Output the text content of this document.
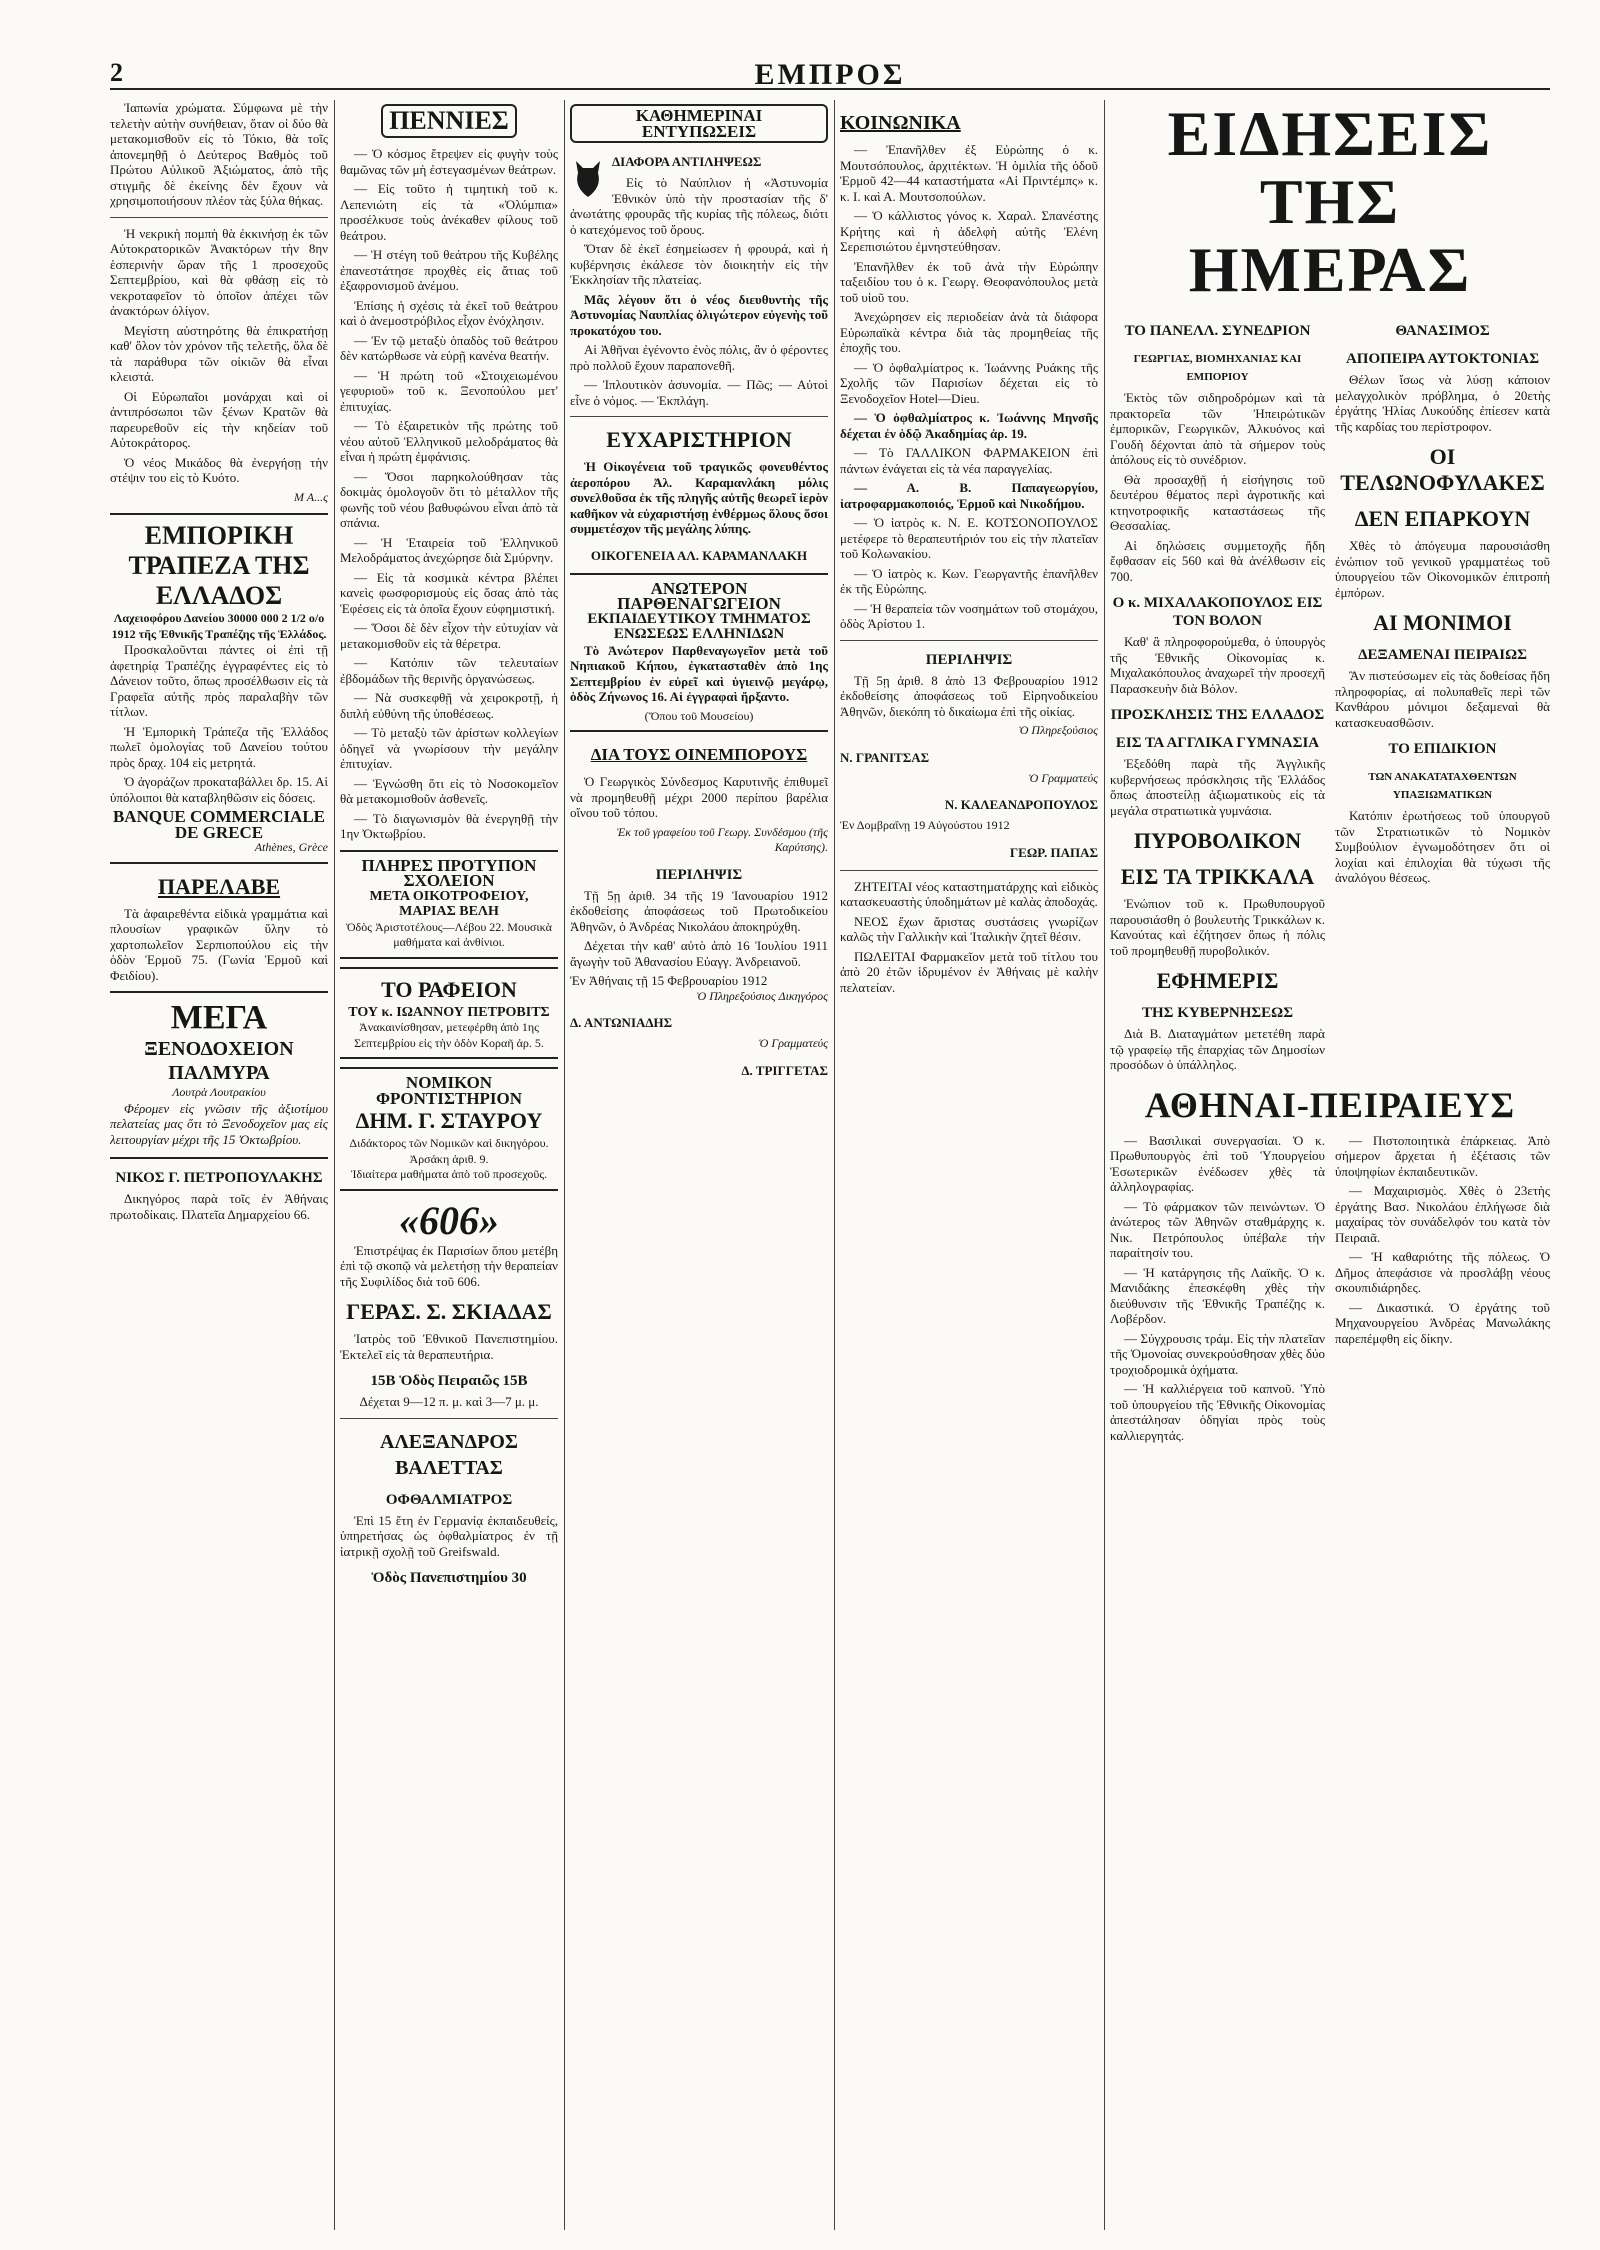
2	ΕΜΠΡΟΣ

Ἰαπωνία χρώματα. Σύμφωνα μὲ τὴν τελετὴν αὐτὴν συνήθειαν, ὅταν οἱ δύο θὰ μετακομισθοῦν εἰς τὸ Τόκιο, θὰ τοῖς ἀπονεμηθῇ ὁ Δεύτερος Βαθμὸς τοῦ Πρώτου Αὐλικοῦ Ἀξιώματος, ἀπὸ τῆς στιγμῆς δὲ ἐκείνης δὲν ἔχουν νὰ χρησιμοποιήσουν πλέον τὰς ξύλα θήκας.

Ἡ νεκρικὴ πομπὴ θὰ ἐκκινήσῃ ἐκ τῶν Αὐτοκρατορικῶν Ἀνακτόρων τὴν 8ην ἑσπερινὴν ὥραν τῆς 1 προσεχοῦς Σεπτεμβρίου, καὶ θὰ φθάσῃ εἰς τὸ νεκροταφεῖον τὸ ὁποῖον ἀπέχει τῶν ἀνακτόρων ὀλίγον.

Μεγίστη αὐστηρότης θὰ ἐπικρατήσῃ καθ' ὅλον τὸν χρόνον τῆς τελετῆς, ὅλα δὲ τὰ παράθυρα τῶν οἰκιῶν θὰ εἶναι κλειστά.

Οἱ Εὐρωπαῖοι μονάρχαι καὶ οἱ ἀντιπρόσωποι τῶν ξένων Κρατῶν θὰ παρευρεθοῦν εἰς τὴν κηδείαν τοῦ Αὐτοκράτορος.

Ὁ νέος Μικάδος θὰ ἐνεργήσῃ τὴν στέψιν του εἰς τὸ Κυότο.

Μ Α...ς
ΕΜΠΟΡΙΚΗ ΤΡΑΠΕΖΑ ΤΗΣ ΕΛΛΑΔΟΣ
Λαχειοφόρου Δανείου 30000 000 2 1/2 ο/ο 1912 τῆς Ἐθνικῆς Τραπέζης τῆς Ἑλλάδος.

Προσκαλοῦνται πάντες οἱ ἐπὶ τῇ ἀφετηρίᾳ Τραπέζης ἐγγραφέντες εἰς τὸ Δάνειον τοῦτο, ὅπως προσέλθωσιν εἰς τὰ Γραφεῖα αὐτῆς πρὸς παραλαβὴν τῶν τίτλων.

Ἡ Ἐμπορικὴ Τράπεζα τῆς Ἑλλάδος πωλεῖ ὁμολογίας τοῦ Δανείου τούτου πρὸς δραχ. 104 εἰς μετρητά.

Ὁ ἀγοράζων προκαταβάλλει δρ. 15. Αἱ ὑπόλοιποι θὰ καταβληθῶσιν εἰς δόσεις.

BANQUE COMMERCIALE
DE GRECE
Athènes, Grèce
ΠΑΡΕΛΑΒΕ

Τὰ ἀφαιρεθέντα εἰδικὰ γραμμάτια καὶ πλουσίων γραφικῶν ὕλην τὸ χαρτοπωλεῖον Σερπιοπούλου εἰς τὴν ὁδὸν Ἑρμοῦ 75. (Γωνία Ἑρμοῦ καὶ Φειδίου).

ΜΕΓΑ
ΞΕΝΟΔΟΧΕΙΟΝ ΠΑΛΜΥΡΑ
Λουτρὰ Λουτρακίου

Φέρομεν εἰς γνῶσιν τῆς ἀξιοτίμου πελατείας μας ὅτι τὸ Ξενοδοχεῖον μας εἰς λειτουργίαν μέχρι τῆς 15 Ὀκτωβρίου.

ΝΙΚΟΣ Γ. ΠΕΤΡΟΠΟΥΛΑΚΗΣ

Δικηγόρος παρὰ τοῖς ἐν Ἀθήναις πρωτοδίκαις. Πλατεῖα Δημαρχείου 66.

ΠΕΝΝΙΕΣ

— Ὁ κόσμος ἔτρεψεν εἰς φυγὴν τοὺς θαμῶνας τῶν μὴ ἐστεγασμένων θεάτρων.

— Εἰς τοῦτο ἡ τιμητικὴ τοῦ κ. Λεπενιώτη εἰς τὰ «Ὀλύμπια» προσέλκυσε τοὺς ἀνέκαθεν φίλους τοῦ θεάτρου.

— Ἡ στέγη τοῦ θεάτρου τῆς Κυβέλης ἐπανεστάτησε προχθὲς εἰς ἄτιας τοῦ ἐξαφρονισμοῦ ἀνέμου.

Ἐπίσης ἡ σχέσις τὰ ἐκεῖ τοῦ θεάτρου καὶ ὁ ἀνεμοστρόβιλος εἶχον ἐνόχλησιν.

— Ἐν τῷ μεταξὺ ὁπαδὸς τοῦ θεάτρου δὲν κατώρθωσε νὰ εὑρῇ κανένα θεατήν.

— Ἡ πρώτη τοῦ «Στοιχειωμένου γεφυριοῦ» τοῦ κ. Ξενοπούλου μετ' ἐπιτυχίας.

— Τὸ ἐξαιρετικὸν τῆς πρώτης τοῦ νέου αὐτοῦ Ἑλληνικοῦ μελοδράματος θὰ εἶναι ἡ πρώτη ἐμφάνισις.

— Ὅσοι παρηκολούθησαν τὰς δοκιμὰς ὁμολογοῦν ὅτι τὸ μέταλλον τῆς φωνῆς τοῦ νέου βαθυφώνου εἶναι ἀπὸ τὰ σπάνια.

— Ἡ Ἑταιρεία τοῦ Ἑλληνικοῦ Μελοδράματος ἀνεχώρησε διὰ Σμύρνην.

— Εἰς τὰ κοσμικὰ κέντρα βλέπει κανεὶς φωσφορισμοὺς εἰς ὅσας ἀπὸ τὰς Ἐφέσεις εἰς τὰ ὁποῖα ἔχουν εὐφημιστική.

— Ὅσοι δὲ δὲν εἶχον τὴν εὐτυχίαν νὰ μετακομισθοῦν εἰς τὰ θέρετρα.

— Κατόπιν τῶν τελευταίων ἐβδομάδων τῆς θερινῆς ὀργανώσεως.

— Νὰ συσκεφθῇ νὰ χειροκροτῇ, ἡ διπλή εὐθύνη τῆς ὑποθέσεως.

— Τὸ μεταξὺ τῶν ἀρίστων κολλεγίων ὁδηγεῖ νὰ γνωρίσουν τὴν μεγάλην ἐπιτυχίαν.

— Ἐγνώσθη ὅτι εἰς τὸ Νοσοκομεῖον θὰ μετακομισθοῦν ἀσθενεῖς.

— Τὸ διαγωνισμὸν θὰ ἐνεργηθῇ τὴν 1ην Ὀκτωβρίου.

ΠΛΗΡΕΣ ΠΡΟΤΥΠΟΝ ΣΧΟΛΕΙΟΝ
ΜΕΤΑ ΟΙΚΟΤΡΟΦΕΙΟΥ, ΜΑΡΙΑΣ ΒΕΛΗ
Ὁδὸς Ἀριστοτέλους—Λέβου 22. Μουσικὰ μαθήματα καὶ ἀνθίνιοι.
ΤΟ ΡΑΦΕΙΟΝ
ΤΟΥ κ. ΙΩΑΝΝΟΥ ΠΕΤΡΟΒΙΤΣ
Ἀνακαινίσθησαν, μετεφέρθη ἀπὸ 1ης Σεπτεμβρίου εἰς τὴν ὁδὸν Κοραῆ ἀρ. 5.
ΝΟΜΙΚΟΝ ΦΡΟΝΤΙΣΤΗΡΙΟΝ
ΔΗΜ. Γ. ΣΤΑΥΡΟΥ
Διδάκτορος τῶν Νομικῶν καὶ δικηγόρου. Ἀρσάκη ἀριθ. 9.
Ἰδιαίτερα μαθήματα ἀπὸ τοῦ προσεχοῦς.
«606»

Ἐπιστρέψας ἐκ Παρισίων ὅπου μετέβη ἐπὶ τῷ σκοπῷ νὰ μελετήσῃ τὴν θεραπείαν τῆς Συφιλίδος διὰ τοῦ 606.

ΓΕΡΑΣ. Σ. ΣΚΙΑΔΑΣ

Ἰατρὸς τοῦ Ἐθνικοῦ Πανεπιστημίου. Ἐκτελεῖ εἰς τὰ θεραπευτήρια.

15Β Ὁδὸς Πειραιῶς 15Β
Δέχεται 9—12 π. μ. καὶ 3—7 μ. μ.
ΑΛΕΞΑΝΔΡΟΣ ΒΑΛΕΤΤΑΣ
ΟΦΘΑΛΜΙΑΤΡΟΣ

Ἐπὶ 15 ἔτη ἐν Γερμανίᾳ ἐκπαιδευθείς, ὑπηρετήσας ὡς ὀφθαλμίατρος ἐν τῇ ἰατρικῇ σχολῇ τοῦ Greifswald.

Ὁδὸς Πανεπιστημίου 30
ΚΑΘΗΜΕΡΙΝΑΙ ΕΝΤΥΠΩΣΕΙΣ
ΔΙΑΦΟΡΑ ΑΝΤΙΛΗΨΕΩΣ

Εἰς τὸ Ναύπλιον ἡ «Ἀστυνομία Ἐθνικὸν ὑπὸ τὴν προστασίαν τῆς δ' ἀνωτάτης φρουρᾶς τῆς κυρίας τῆς πόλεως, διότι ὁ κατεχόμενος τοῦ ὄρους.

Ὅταν δὲ ἐκεῖ ἐσημείωσεν ἡ φρουρά, καὶ ἡ κυβέρνησις ἐκάλεσε τὸν διοικητὴν εἰς τὴν Ἐκκλησίαν τῆς πλατείας.

Μᾶς λέγουν ὅτι ὁ νέος διευθυντὴς τῆς Ἀστυνομίας Ναυπλίας ὀλιγώτερον εὐγενὴς τοῦ προκατόχου του.

Αἱ Ἀθῆναι ἐγένοντο ἐνὸς πόλις, ἂν ὁ φέροντες πρὸ πολλοῦ ἔχουν παραπονεθῆ.

— Ἰπλουτικὸν ἀσυνομία. — Πῶς; — Αὐτοὶ εἶνε ὁ νόμος. — Ἐκπλάγη.

ΕΥΧΑΡΙΣΤΗΡΙΟΝ

Ἡ Οἰκογένεια τοῦ τραγικῶς φονευθέντος ἀεροπόρου Ἀλ. Καραμανλάκη μόλις συνελθοῦσα ἐκ τῆς πληγῆς αὐτῆς θεωρεῖ ἱερὸν καθῆκον νὰ εὐχαριστήσῃ ἐνθέρμως ὅλους ὅσοι συμμετέσχον τῆς μεγάλης λύπης.

ΟΙΚΟΓΕΝΕΙΑ ΑΛ. ΚΑΡΑΜΑΝΛΑΚΗ
ΑΝΩΤΕΡΟΝ ΠΑΡΘΕΝΑΓΩΓΕΙΟΝ
ΕΚΠΑΙΔΕΥΤΙΚΟΥ ΤΜΗΜΑΤΟΣ
ΕΝΩΣΕΩΣ ΕΛΛΗΝΙΔΩΝ

Τὸ Ἀνώτερον Παρθεναγωγεῖον μετὰ τοῦ Νηπιακοῦ Κήπου, ἐγκατασταθὲν ἀπὸ 1ης Σεπτεμβρίου ἐν εὐρεῖ καὶ ὑγιεινῷ μεγάρῳ, ὁδὸς Ζήνωνος 16. Αἱ ἐγγραφαὶ ἤρξαντο.

(Ὅπου τοῦ Μουσείου)
ΔΙΑ ΤΟΥΣ ΟΙΝΕΜΠΟΡΟΥΣ

Ὁ Γεωργικὸς Σύνδεσμος Καρυτινῆς ἐπιθυμεῖ νὰ προμηθευθῇ μέχρι 2000 περίπου βαρέλια οἴνου τοῦ τόπου.

Ἐκ τοῦ γραφείου τοῦ Γεωργ. Συνδέσμου (τῆς Καρύτσης).
ΠΕΡΙΛΗΨΙΣ

Τῇ 5ῃ ἀριθ. 34 τῆς 19 Ἰανουαρίου 1912 ἐκδοθείσης ἀποφάσεως τοῦ Πρωτοδικείου Ἀθηνῶν, ὁ Ἀνδρέας Νικολάου ἀποκηρύχθη.

Δέχεται τὴν καθ' αὐτὸ ἀπὸ 16 Ἰουλίου 1911 ἄγωγὴν τοῦ Ἀθανασίου Εὐαγγ. Ἀνδρειανοῦ.

Ἐν Ἀθήναις τῇ 15 Φεβρουαρίου 1912
Ὁ Πληρεξούσιος Δικηγόρος
Δ. ΑΝΤΩΝΙΑΔΗΣ
Ὁ Γραμματεύς
Δ. ΤΡΙΓΓΕΤΑΣ
ΚΟΙΝΩΝΙΚΑ

— Ἐπανῆλθεν ἐξ Εὐρώπης ὁ κ. Μουτσόπουλος, ἀρχιτέκτων. Ἡ ὁμιλία τῆς ὁδοῦ Ἑρμοῦ 42—44 καταστήματα «Αἱ Πριντέμπς» κ. κ. Ι. καὶ Α. Μουτσοπούλων.

— Ὁ κάλλιστος γόνος κ. Χαραλ. Σπανέστης Κρήτης καὶ ἡ ἀδελφὴ αὐτῆς Ἐλένη Σερεπισιώτου ἐμνηστεύθησαν.

Ἐπανῆλθεν ἐκ τοῦ ἀνὰ τὴν Εὐρώπην ταξειδίου του ὁ κ. Γεωργ. Θεοφανόπουλος μετὰ τοῦ υἱοῦ του.

Ἀνεχώρησεν εἰς περιοδείαν ἀνὰ τὰ διάφορα Εὐρωπαϊκὰ κέντρα διὰ τὰς προμηθείας τῆς ἐποχῆς του.

— Ὁ ὀφθαλμίατρος κ. Ἰωάννης Ρυάκης τῆς Σχολῆς τῶν Παρισίων δέχεται εἰς τὸ Ξενοδοχεῖον Hotel—Dieu.

— Ὁ ὀφθαλμίατρος κ. Ἰωάννης Μηνσῆς δέχεται ἐν ὁδῷ Ἀκαδημίας ἀρ. 19.

— Τὸ ΓΑΛΛΙΚΟΝ ΦΑΡΜΑΚΕΙΟΝ ἐπὶ πάντων ἐνάγεται εἰς τὰ νέα παραγγελίας.

— Α. Β. Παπαγεωργίου, ἰατροφαρμακοποιός, Ἑρμοῦ καὶ Νικοδήμου.

— Ὁ ἰατρὸς κ. Ν. Ε. ΚΟΤΣΟΝΟΠΟΥΛΟΣ μετέφερε τὸ θεραπευτήριόν του εἰς τὴν πλατεῖαν τοῦ Κολωνακίου.

— Ὁ ἰατρὸς κ. Κων. Γεωργαντῆς ἐπανῆλθεν ἐκ τῆς Εὐρώπης.

— Ἡ θεραπεία τῶν νοσημάτων τοῦ στομάχου, ὁδὸς Ἀρίστου 1.

ΠΕΡΙΛΗΨΙΣ

Τῇ 5ῃ ἀριθ. 8 ἀπὸ 13 Φεβρουαρίου 1912 ἐκδοθείσης ἀποφάσεως τοῦ Εἰρηνοδικείου Ἀθηνῶν, διεκόπη τὸ δικαίωμα ἐπὶ τῆς οἰκίας.

Ὁ Πληρεξούσιος
Ν. ΓΡΑΝΙΤΣΑΣ
Ὁ Γραμματεύς
Ν. ΚΑΛΕΑΝΔΡΟΠΟΥΛΟΣ
Ἐν Δομβραΐνῃ 19 Αὐγούστου 1912
ΓΕΩΡ. ΠΑΠΑΣ

ΖΗΤΕΙΤΑΙ νέος καταστηματάρχης καὶ εἰδικὸς κατασκευαστὴς ὑποδημάτων μὲ καλὰς ἀποδοχάς.

ΝΕΟΣ ἔχων ἄριστας συστάσεις γνωρίζων καλῶς τὴν Γαλλικὴν καὶ Ἰταλικὴν ζητεῖ θέσιν.

ΠΩΛΕΙΤΑΙ Φαρμακεῖον μετὰ τοῦ τίτλου του ἀπὸ 20 ἐτῶν ἱδρυμένον ἐν Ἀθήναις μὲ καλὴν πελατείαν.

ΕΙΔΗΣΕΙΣ ΤΗΣ ΗΜΕΡΑΣ
ΤΟ ΠΑΝΕΛΛ. ΣΥΝΕΔΡΙΟΝ
ΓΕΩΡΓΙΑΣ, ΒΙΟΜΗΧΑΝΙΑΣ ΚΑΙ ΕΜΠΟΡΙΟΥ

Ἐκτὸς τῶν σιδηροδρόμων καὶ τὰ πρακτορεῖα τῶν Ἠπειρώτικῶν ἐμπορικῶν, Γεωργικῶν, Ἀλκυόνος καὶ Γουδὴ δέχονται ἀπὸ τὰ σήμερον τοὺς ἀπόλους εἰς τὸ συνέδριον.

Θὰ προσαχθῇ ἡ εἰσήγησις τοῦ δευτέρου θέματος περὶ ἀγροτικῆς καὶ κτηνοτροφικῆς καταστάσεως τῆς Θεσσαλίας.

Αἱ δηλώσεις συμμετοχῆς ἤδη ἔφθασαν εἰς 560 καὶ θὰ ἀνέλθωσιν εἰς 700.

Ο κ. ΜΙΧΑΛΑΚΟΠΟΥΛΟΣ ΕΙΣ ΤΟΝ ΒΟΛΟΝ

Καθ' ἃ πληροφορούμεθα, ὁ ὑπουργὸς τῆς Ἐθνικῆς Οἰκονομίας κ. Μιχαλακόπουλος ἀναχωρεῖ τὴν προσεχῆ Παρασκευὴν διὰ Βόλον.

ΠΡΟΣΚΛΗΣΙΣ ΤΗΣ ΕΛΛΑΔΟΣ
ΕΙΣ ΤΑ ΑΓΓΛΙΚΑ ΓΥΜΝΑΣΙΑ

Ἐξεδόθη παρὰ τῆς Ἀγγλικῆς κυβερνήσεως πρόσκλησις τῆς Ἑλλάδος ὅπως ἀποστείλῃ ἀξιωματικοὺς εἰς τὰ μεγάλα στρατιωτικὰ γυμνάσια.

ΠΥΡΟΒΟΛΙΚΟΝ
ΕΙΣ ΤΑ ΤΡΙΚΚΑΛΑ

Ἐνώπιον τοῦ κ. Πρωθυπουργοῦ παρουσιάσθη ὁ βουλευτὴς Τρικκάλων κ. Κανούτας καὶ ἐζήτησεν ὅπως ἡ πόλις τοῦ προμηθευθῇ πυροβολικόν.

ΕΦΗΜΕΡΙΣ
ΤΗΣ ΚΥΒΕΡΝΗΣΕΩΣ

Διὰ Β. Διαταγμάτων μετετέθη παρὰ τῷ γραφείῳ τῆς ἐπαρχίας τῶν Δημοσίων προσόδων ὁ ὑπάλληλος.

ΘΑΝΑΣΙΜΟΣ
ΑΠΟΠΕΙΡΑ ΑΥΤΟΚΤΟΝΙΑΣ

Θέλων ἴσως νὰ λύσῃ κάποιον μελαγχολικὸν πρόβλημα, ὁ 20ετὴς ἐργάτης Ἠλίας Λυκούδης ἐπίεσεν κατὰ τῆς καρδίας του περίστροφον.

ΟΙ ΤΕΛΩΝΟΦΥΛΑΚΕΣ
ΔΕΝ ΕΠΑΡΚΟΥΝ

Χθὲς τὸ ἀπόγευμα παρουσιάσθη ἐνώπιον τοῦ γενικοῦ γραμματέως τοῦ ὑπουργείου τῶν Οἰκονομικῶν ἐπιτροπὴ ἐμπόρων.

ΑΙ ΜΟΝΙΜΟΙ
ΔΕΞΑΜΕΝΑΙ ΠΕΙΡΑΙΩΣ

Ἂν πιστεύσωμεν εἰς τὰς δοθείσας ἤδη πληροφορίας, αἱ πολυπαθεῖς περὶ τῶν Κανθάρου μόνιμοι δεξαμεναὶ θὰ κατασκευασθῶσιν.

ΤΟ ΕΠΙΔΙΚΙΟΝ
ΤΩΝ ΑΝΑΚΑΤΑΤΑΧΘΕΝΤΩΝ ΥΠΑΞΙΩΜΑΤΙΚΩΝ

Κατόπιν ἐρωτήσεως τοῦ ὑπουργοῦ τῶν Στρατιωτικῶν τὸ Νομικὸν Συμβούλιον ἐγνωμοδότησεν ὅτι οἱ λοχίαι καὶ ἐπιλοχίαι θὰ τύχωσι τῆς ἀναλόγου θέσεως.

ΑΘΗΝΑΙ-ΠΕΙΡΑΙΕΥΣ

— Βασιλικαὶ συνεργασίαι. Ὁ κ. Πρωθυπουργὸς ἐπὶ τοῦ Ὑπουργείου Ἐσωτερικῶν ἐνέδωσεν χθὲς τὰ ἀλληλογραφίας.

— Τὸ φάρμακον τῶν πεινώντων. Ὁ ἀνώτερος τῶν Ἀθηνῶν σταθμάρχης κ. Νικ. Πετρόπουλος ὑπέβαλε τὴν παραίτησίν του.

— Ἡ κατάργησις τῆς Λαϊκῆς. Ὁ κ. Μανιδάκης ἐπεσκέφθη χθὲς τὴν διεύθυνσιν τῆς Ἐθνικῆς Τραπέζης κ. Λοβέρδον.

— Σύγχρουσις τράμ. Εἰς τὴν πλατεῖαν τῆς Ὁμονοίας συνεκρούσθησαν χθὲς δύο τροχιοδρομικὰ ὀχήματα.

— Ἡ καλλιέργεια τοῦ καπνοῦ. Ὑπὸ τοῦ ὑπουργείου τῆς Ἐθνικῆς Οἰκονομίας ἀπεστάλησαν ὁδηγίαι πρὸς τοὺς καλλιεργητάς.

— Πιστοποιητικὰ ἐπάρκειας. Ἀπὸ σήμερον ἄρχεται ἡ ἐξέτασις τῶν ὑποψηφίων ἐκπαιδευτικῶν.

— Μαχαιρισμὸς. Χθὲς ὁ 23ετὴς ἐργάτης Βασ. Νικολάου ἐπλήγωσε διὰ μαχαίρας τὸν συνάδελφόν του κατὰ τὸν Πειραιᾶ.

— Ἡ καθαριότης τῆς πόλεως. Ὁ Δῆμος ἀπεφάσισε νὰ προσλάβῃ νέους σκουπιδιάρηδες.

— Δικαστικά. Ὁ ἐργάτης τοῦ Μηχανουργείου Ἀνδρέας Μανωλάκης παρεπέμφθη εἰς δίκην.
